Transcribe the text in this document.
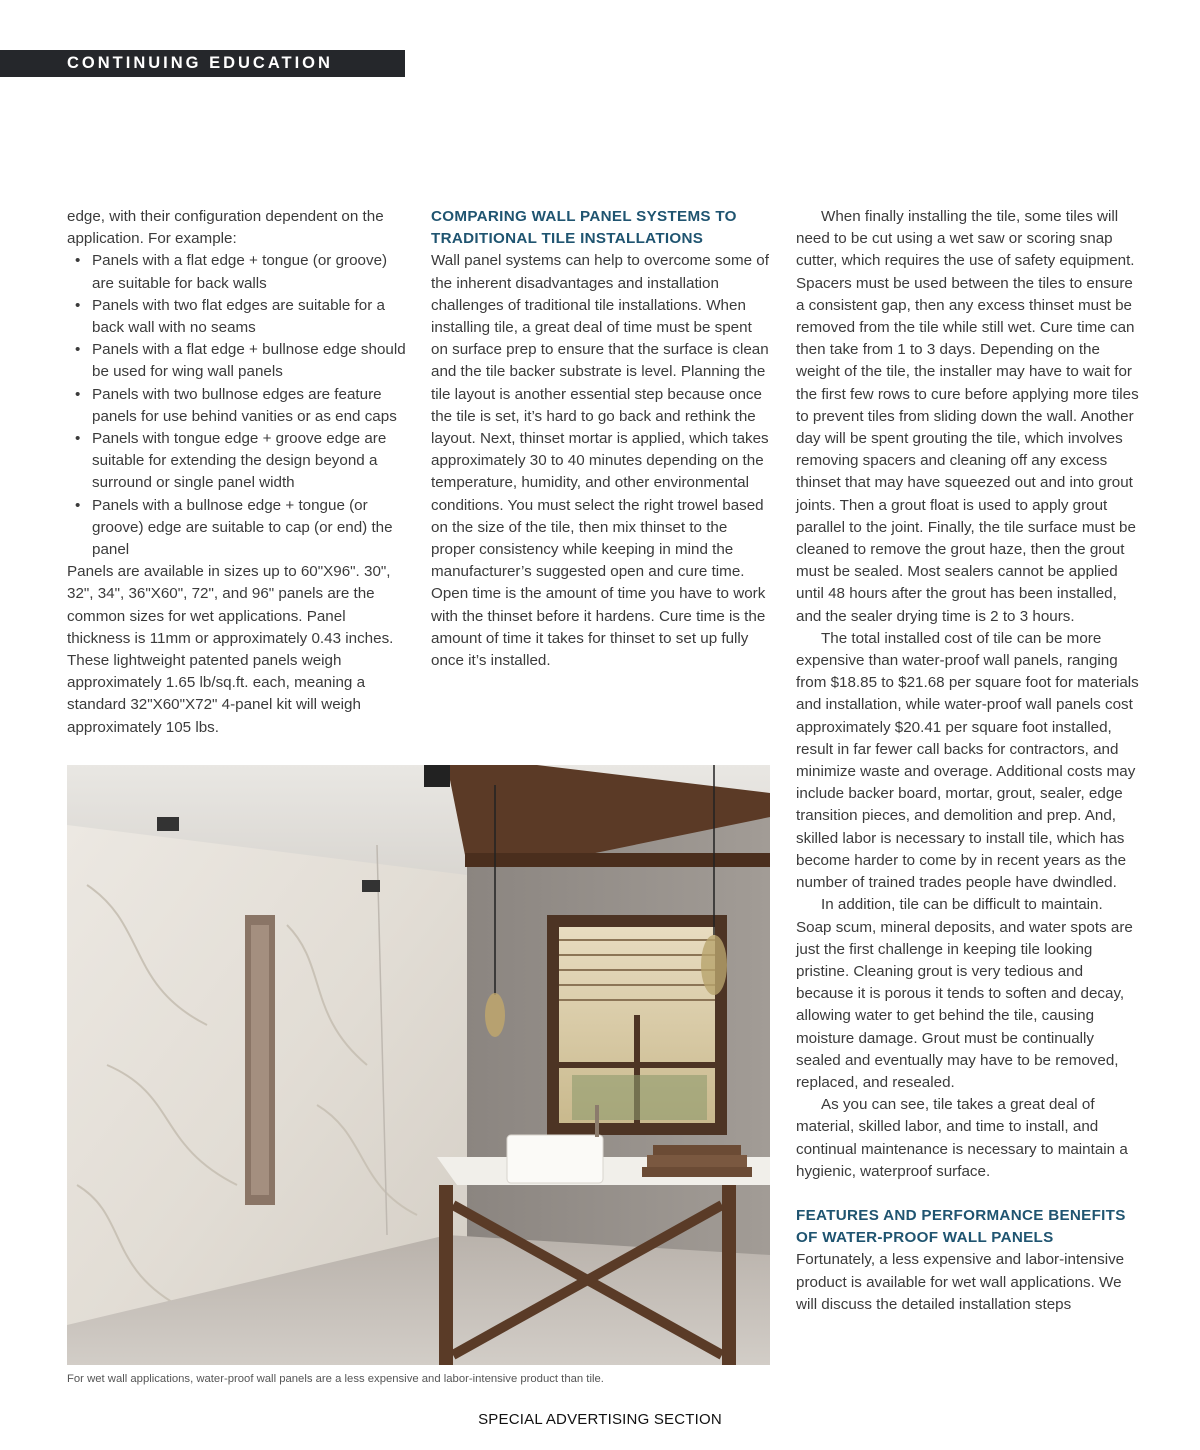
CONTINUING EDUCATION

edge, with their configuration dependent on the application. For example:

• Panels with a flat edge + tongue (or groove) are suitable for back walls
• Panels with two flat edges are suitable for a back wall with no seams
• Panels with a flat edge + bullnose edge should be used for wing wall panels
• Panels with two bullnose edges are feature panels for use behind vanities or as end caps
• Panels with tongue edge + groove edge are suitable for extending the design beyond a surround or single panel width
• Panels with a bullnose edge + tongue (or groove) edge are suitable to cap (or end) the panel

Panels are available in sizes up to 60"X96". 30", 32", 34", 36"X60", 72", and 96" panels are the common sizes for wet applications. Panel thickness is 11mm or approximately 0.43 inches. These lightweight patented panels weigh approximately 1.65 lb/sq.ft. each, meaning a standard 32"X60"X72" 4-panel kit will weigh approximately 105 lbs.

COMPARING WALL PANEL SYSTEMS TO TRADITIONAL TILE INSTALLATIONS

Wall panel systems can help to overcome some of the inherent disadvantages and installation challenges of traditional tile installations. When installing tile, a great deal of time must be spent on surface prep to ensure that the surface is clean and the tile backer substrate is level. Planning the tile layout is another essential step because once the tile is set, it’s hard to go back and rethink the layout. Next, thinset mortar is applied, which takes approximately 30 to 40 minutes depending on the temperature, humidity, and other environmental conditions. You must select the right trowel based on the size of the tile, then mix thinset to the proper consistency while keeping in mind the manufacturer’s suggested open and cure time. Open time is the amount of time you have to work with the thinset before it hardens. Cure time is the amount of time it takes for thinset to set up fully once it’s installed.

When finally installing the tile, some tiles will need to be cut using a wet saw or scoring snap cutter, which requires the use of safety equipment. Spacers must be used between the tiles to ensure a consistent gap, then any excess thinset must be removed from the tile while still wet. Cure time can then take from 1 to 3 days. Depending on the weight of the tile, the installer may have to wait for the first few rows to cure before applying more tiles to prevent tiles from sliding down the wall. Another day will be spent grouting the tile, which involves removing spacers and cleaning off any excess thinset that may have squeezed out and into grout joints. Then a grout float is used to apply grout parallel to the joint. Finally, the tile surface must be cleaned to remove the grout haze, then the grout must be sealed. Most sealers cannot be applied until 48 hours after the grout has been installed, and the sealer drying time is 2 to 3 hours.

The total installed cost of tile can be more expensive than water-proof wall panels, ranging from $18.85 to $21.68 per square foot for materials and installation, while water-proof wall panels cost approximately $20.41 per square foot installed, result in far fewer call backs for contractors, and minimize waste and overage. Additional costs may include backer board, mortar, grout, sealer, edge transition pieces, and demolition and prep. And, skilled labor is necessary to install tile, which has become harder to come by in recent years as the number of trained trades people have dwindled.

In addition, tile can be difficult to maintain. Soap scum, mineral deposits, and water spots are just the first challenge in keeping tile looking pristine. Cleaning grout is very tedious and because it is porous it tends to soften and decay, allowing water to get behind the tile, causing moisture damage. Grout must be continually sealed and eventually may have to be removed, replaced, and resealed.

As you can see, tile takes a great deal of material, skilled labor, and time to install, and continual maintenance is necessary to maintain a hygienic, waterproof surface.

FEATURES AND PERFORMANCE BENEFITS OF WATER-PROOF WALL PANELS

Fortunately, a less expensive and labor-intensive product is available for wet wall applications. We will discuss the detailed installation steps

For wet wall applications, water-proof wall panels are a less expensive and labor-intensive product than tile.
SPECIAL ADVERTISING SECTION
